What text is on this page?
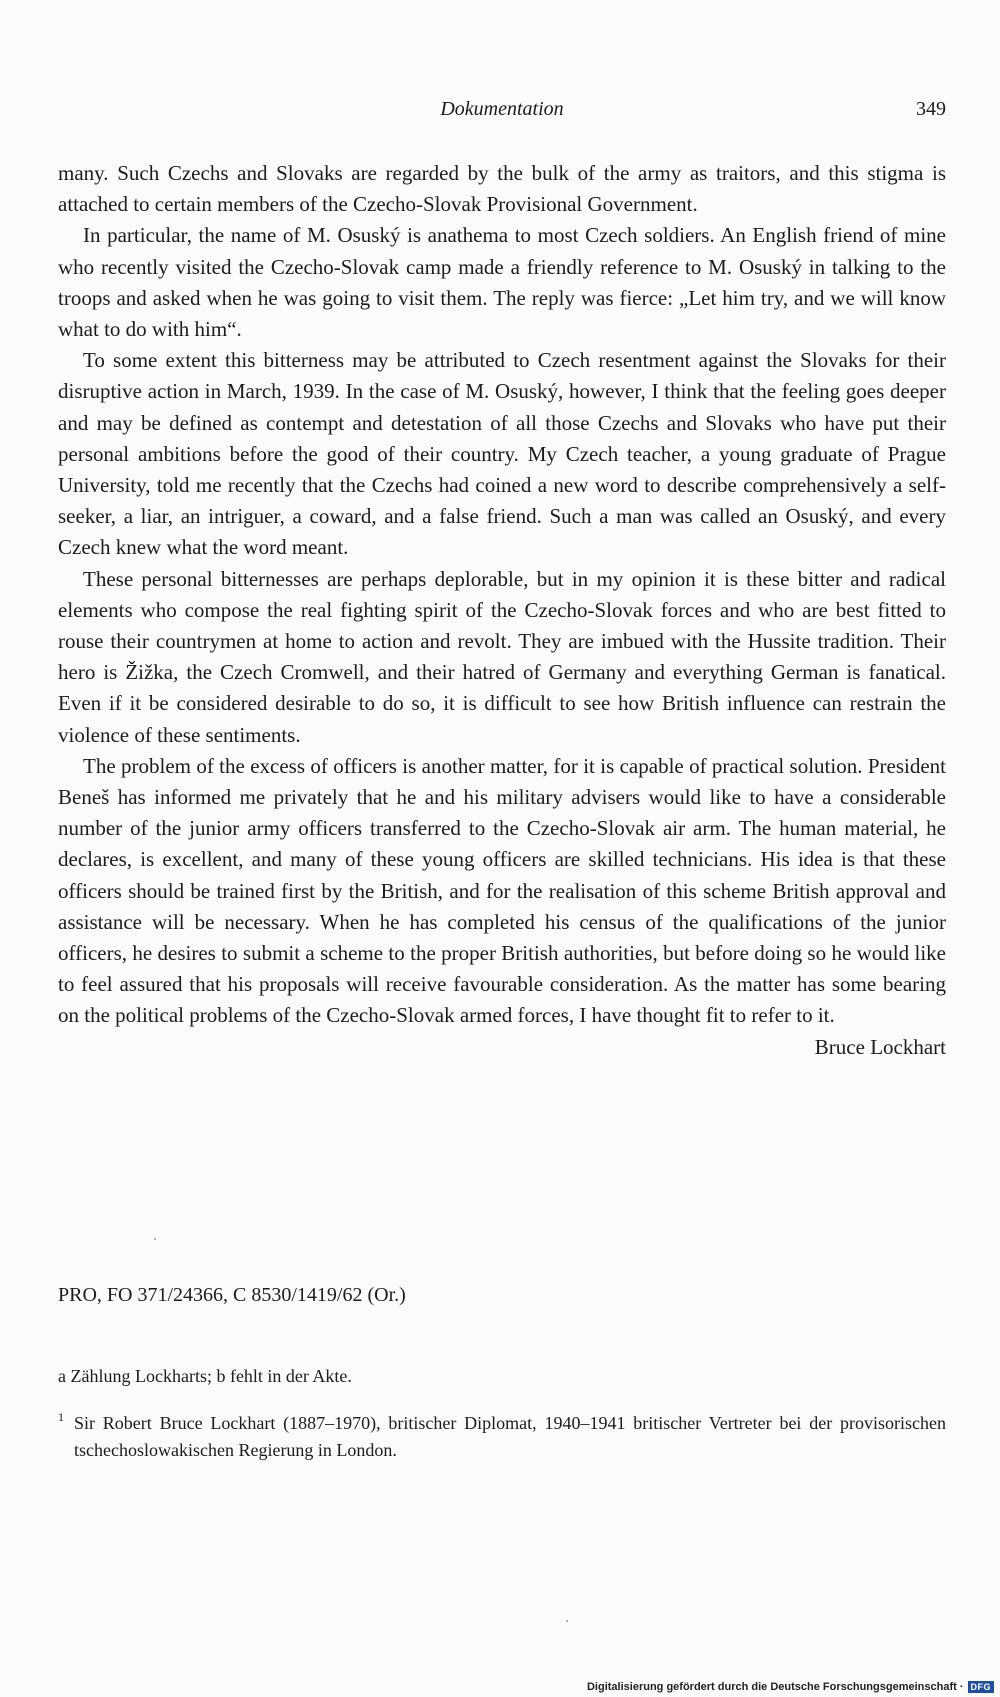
Dokumentation	349

many. Such Czechs and Slovaks are regarded by the bulk of the army as traitors, and this stigma is attached to certain members of the Czecho-Slovak Provisional Government.

In particular, the name of M. Osuský is anathema to most Czech soldiers. An English friend of mine who recently visited the Czecho-Slovak camp made a friendly reference to M. Osuský in talking to the troops and asked when he was going to visit them. The reply was fierce: „Let him try, and we will know what to do with him“.

To some extent this bitterness may be attributed to Czech resentment against the Slovaks for their disruptive action in March, 1939. In the case of M. Osuský, however, I think that the feeling goes deeper and may be defined as contempt and detestation of all those Czechs and Slovaks who have put their personal ambitions before the good of their country. My Czech teacher, a young graduate of Prague University, told me recently that the Czechs had coined a new word to describe comprehensively a self-seeker, a liar, an intriguer, a coward, and a false friend. Such a man was called an Osuský, and every Czech knew what the word meant.

These personal bitternesses are perhaps deplorable, but in my opinion it is these bitter and radical elements who compose the real fighting spirit of the Czecho-Slovak forces and who are best fitted to rouse their countrymen at home to action and revolt. They are imbued with the Hussite tradition. Their hero is Žižka, the Czech Cromwell, and their hatred of Germany and everything German is fanatical. Even if it be considered desirable to do so, it is difficult to see how British influence can restrain the violence of these sentiments.

The problem of the excess of officers is another matter, for it is capable of practical solution. President Beneš has informed me privately that he and his military advisers would like to have a considerable number of the junior army officers transferred to the Czecho-Slovak air arm. The human material, he declares, is excellent, and many of these young officers are skilled technicians. His idea is that these officers should be trained first by the British, and for the realisation of this scheme British approval and assistance will be necessary. When he has completed his census of the qualifications of the junior officers, he desires to submit a scheme to the proper British authorities, but before doing so he would like to feel assured that his proposals will receive favourable consideration. As the matter has some bearing on the political problems of the Czecho-Slovak armed forces, I have thought fit to refer to it.

Bruce Lockhart

PRO, FO 371/24366, C 8530/1419/62 (Or.)
a Zählung Lockharts; b fehlt in der Akte.
1 Sir Robert Bruce Lockhart (1887–1970), britischer Diplomat, 1940–1941 britischer Vertreter bei der provisorischen tschechoslowakischen Regierung in London.
Digitalisierung gefördert durch die Deutsche Forschungsgemeinschaft · DFG
